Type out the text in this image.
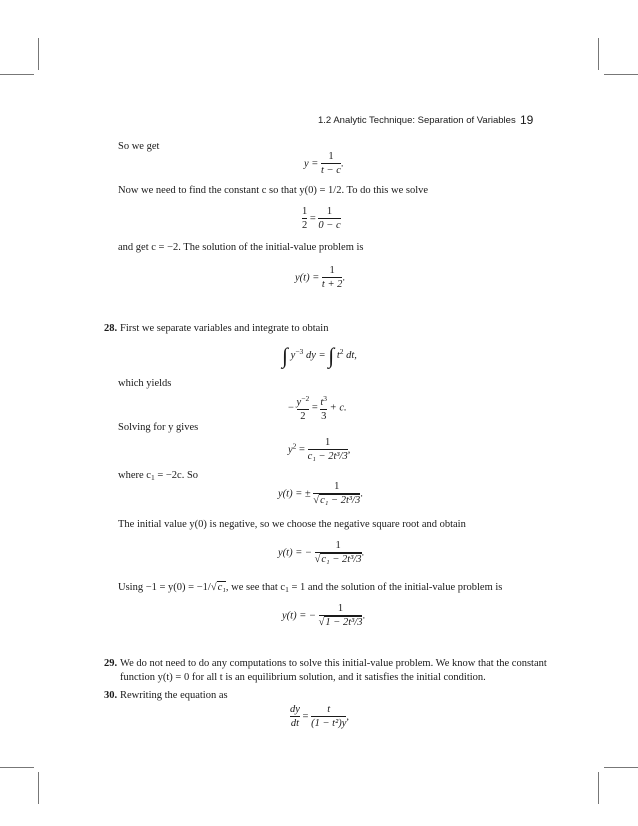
1.2 Analytic Technique: Separation of Variables 19
So we get
$y = \frac{1}{t - c}$ .
Now we need to find the constant c so that y(0) = 1/2. To do this we solve
$\frac{1}{2} = \frac{1}{0 - c}$
and get c = −2. The solution of the initial-value problem is
$y(t) = \frac{1}{t + 2}$ .
28. First we separate variables and integrate to obtain
∫ $y^{-3}$ dy = ∫ $t^2$ dt,
which yields
− $\frac{y^{-2}}{2} = \frac{t^3}{3} + c$.
Solving for y gives
$y^2 = \frac{1}{\text{c₁ − 2t³/3}}$ ,
where $c_1 = -2c$. So
y(t) = ± $\frac{1}{\text{√c₁ − 2t³/3}}$ .
The initial value y(0) is negative, so we choose the negative square root and obtain
y(t) = − $\frac{1}{\text{√c₁ − 2t³/3}}$ .
Using −1 = y(0) = −1/√c₁, we see that $c_1 = 1$ and the solution of the initial-value problem is
y(t) = − $\frac{1}{\text{√1 − 2t³/3}}$ .
29. We do not need to do any computations to solve this initial-value problem. We know that the constant
function y(t) = 0 for all t is an equilibrium solution, and it satisfies the initial condition.
30. Rewriting the equation as
$\frac{dy}{dt} = \frac{t}{\text{(1 − t²)y}}$ ,
